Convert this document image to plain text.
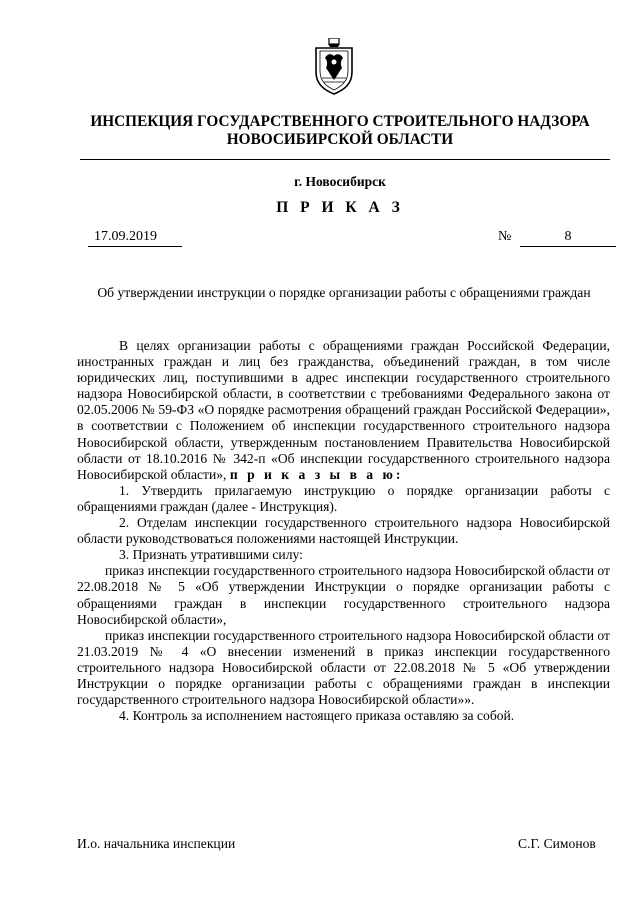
ИНСПЕКЦИЯ ГОСУДАРСТВЕННОГО СТРОИТЕЛЬНОГО НАДЗОРА
НОВОСИБИРСКОЙ ОБЛАСТИ
г. Новосибирск
П Р И К А З
17.09.2019	№	8
Об утверждении инструкции о порядке организации работы с обращениями граждан

В целях организации работы с обращениями граждан Российской Федерации, иностранных граждан и лиц без гражданства, объединений граждан, в том числе юридических лиц, поступившими в адрес инспекции государственного строительного надзора Новосибирской области, в соответствии с требованиями Федерального закона от 02.05.2006 № 59-ФЗ «О порядке расмотрения обращений граждан Российской Федерации», в соответствии с Положением об инспекции государственного строительного надзора Новосибирской области, утвержденным постановлением Правительства Новосибирской области от 18.10.2016 № 342-п «Об инспекции государственного строительного надзора Новосибирской области», п р и к а з ы в а ю:

1. Утвердить прилагаемую инструкцию о порядке организации работы с обращениями граждан (далее - Инструкция).

2. Отделам инспекции государственного строительного надзора Новосибирской области руководствоваться положениями настоящей Инструкции.

3. Признать утратившими силу:

приказ инспекции государственного строительного надзора Новосибирской области от 22.08.2018 № 5 «Об утверждении Инструкции о порядке организации работы с обращениями граждан в инспекции государственного строительного надзора Новосибирской области»,

приказ инспекции государственного строительного надзора Новосибирской области от 21.03.2019 № 4 «О внесении изменений в приказ инспекции государственного строительного надзора Новосибирской области от 22.08.2018 № 5 «Об утверждении Инструкции о порядке организации работы с обращениями граждан в инспекции государственного строительного надзора Новосибирской области»».

4. Контроль за исполнением настоящего приказа оставляю за собой.

И.о. начальника инспекции	С.Г. Симонов
